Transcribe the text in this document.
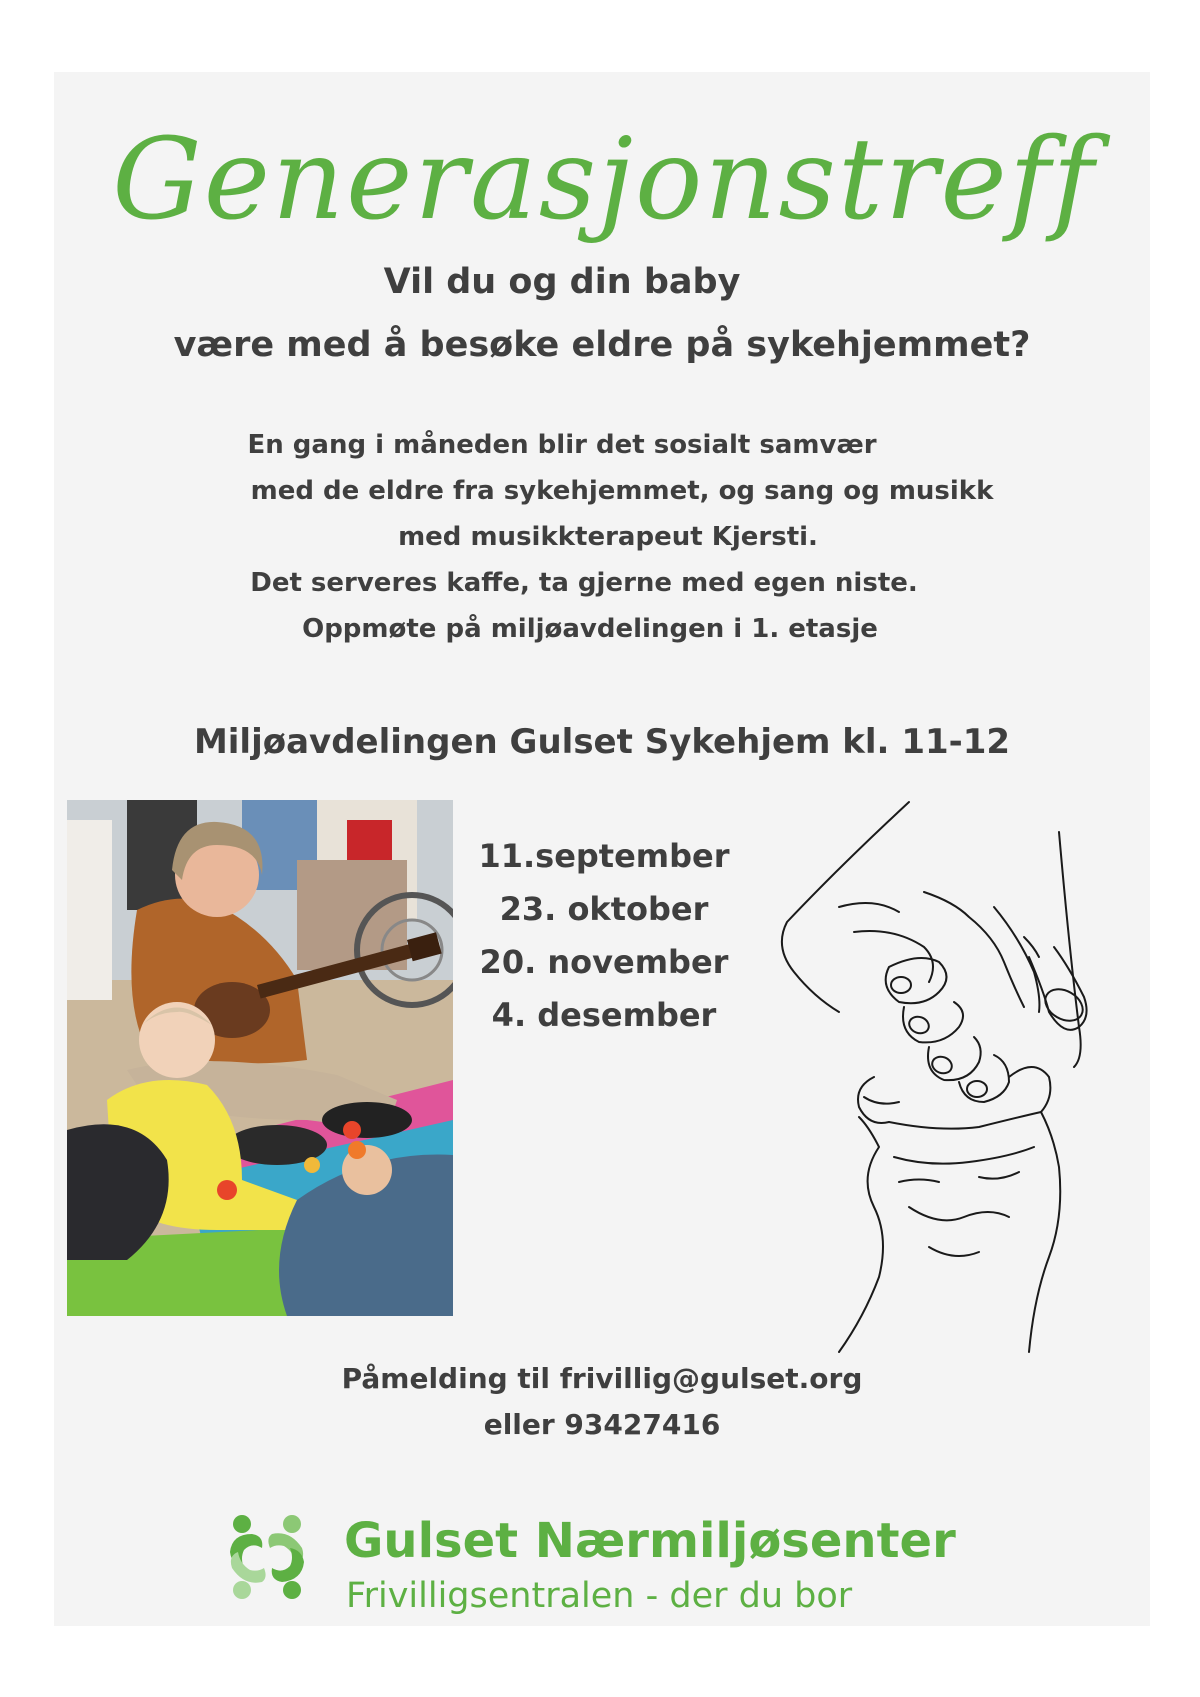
Generasjonstreff

Vil du og din baby

være med å besøke eldre på sykehjemmet?

En gang i måneden blir det sosialt samvær

med de eldre fra sykehjemmet, og sang og musikk

med musikkterapeut Kjersti.

Det serveres kaffe, ta gjerne med egen niste.

Oppmøte på miljøavdelingen i 1. etasje

Miljøavdelingen Gulset Sykehjem kl. 11-12

11.september
23. oktober
20. november
4. desember

Påmelding til frivillig@gulset.org

eller 93427416

Gulset Nærmiljøsenter

Frivilligsentralen - der du bor
